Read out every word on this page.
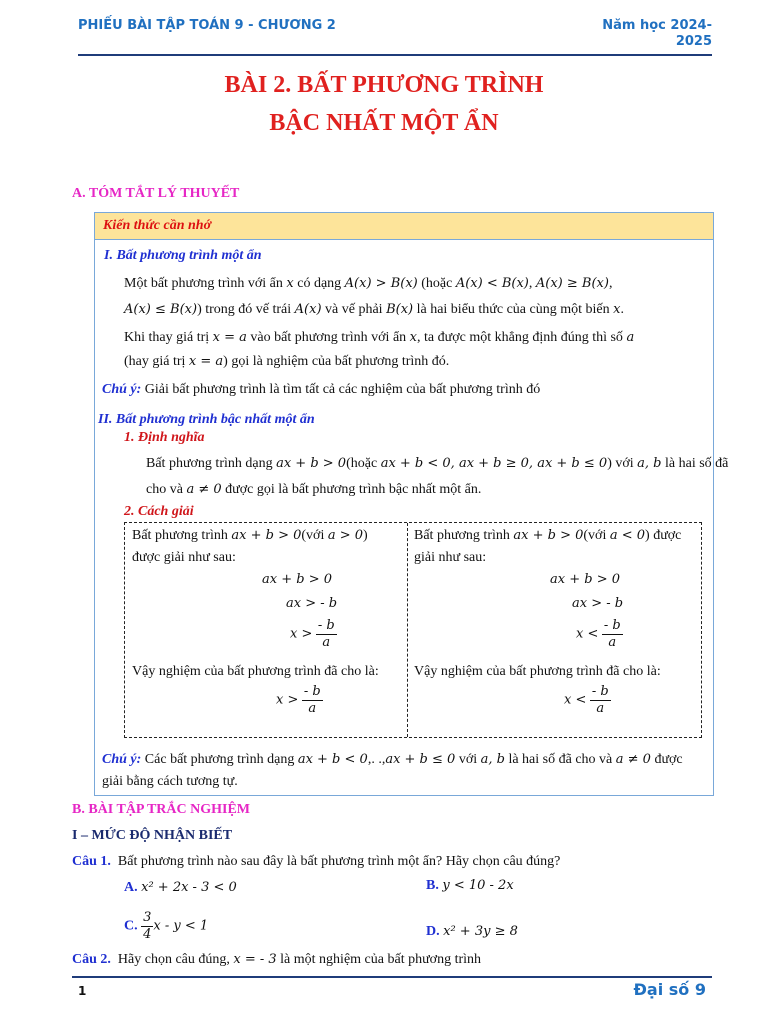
PHIẾU BÀI TẬP TOÁN 9 - CHƯƠNG 2	Năm học 2024-2025
BÀI 2. BẤT PHƯƠNG TRÌNH
BẬC NHẤT MỘT ẨN
A. TÓM TẮT LÝ THUYẾT
Kiến thức cần nhớ
I. Bất phương trình một ẩn
Một bất phương trình với ẩn x có dạng A(x) > B(x) (hoặc A(x) < B(x), A(x) ≥ B(x),
A(x) ≤ B(x)) trong đó vế trái A(x) và vế phải B(x) là hai biểu thức của cùng một biến x.
Khi thay giá trị x = a vào bất phương trình với ẩn x, ta được một khẳng định đúng thì số a
(hay giá trị x = a) gọi là nghiệm của bất phương trình đó.
Chú ý: Giải bất phương trình là tìm tất cả các nghiệm của bất phương trình đó
II. Bất phương trình bậc nhất một ẩn
1. Định nghĩa
Bất phương trình dạng ax + b > 0(hoặc ax + b < 0, ax + b ≥ 0, ax + b ≤ 0) với a, b là hai số đã
cho và a ≠ 0 được gọi là bất phương trình bậc nhất một ẩn.
2. Cách giải
Bất phương trình ax + b > 0(với a > 0)
được giải như sau:
ax + b > 0
ax > - b
$x > \frac{- b}{a}$
Vậy nghiệm của bất phương trình đã cho là:
$x > \frac{- b}{a}$
Bất phương trình ax + b > 0(với a < 0) được
giải như sau:
ax + b > 0
ax > - b
$x < \frac{- b}{a}$
Vậy nghiệm của bất phương trình đã cho là:
$x < \frac{- b}{a}$
Chú ý: Các bất phương trình dạng ax + b < 0,. .,ax + b ≤ 0 với a, b là hai số đã cho và a ≠ 0 được
giải bằng cách tương tự.
B. BÀI TẬP TRẮC NGHIỆM
I – MỨC ĐỘ NHẬN BIẾT
Câu 1. Bất phương trình nào sau đây là bất phương trình một ẩn? Hãy chọn câu đúng?
A. x² + 2x - 3 < 0	B. y < 10 - 2x
C. $\frac{3}{4}$ x - y < 1	D. x² + 3y ≥ 8
Câu 2. Hãy chọn câu đúng, x = - 3 là một nghiệm của bất phương trình
1	Đại số 9
